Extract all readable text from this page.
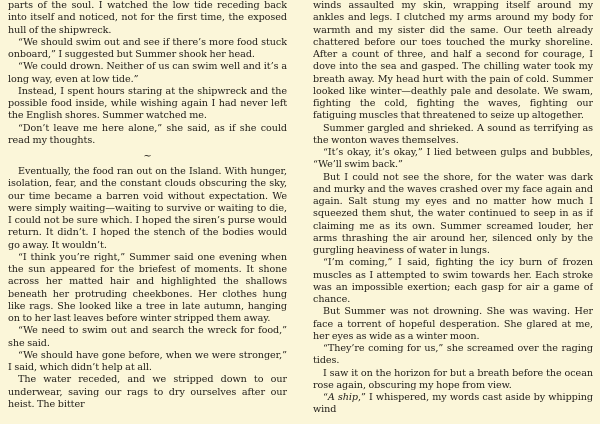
parts of the soul. I watched the low tide receding back into itself and noticed, not for the first time, the exposed hull of the shipwreck.

“We should swim out and see if there’s more food stuck onboard,” I suggested but Summer shook her head.

“We could drown. Neither of us can swim well and it’s a long way, even at low tide.”

Instead, I spent hours staring at the shipwreck and the possible food inside, while wishing again I had never left the English shores. Summer watched me.

“Don’t leave me here alone,” she said, as if she could read my thoughts.

~

Eventually, the food ran out on the Island. With hunger, isolation, fear, and the constant clouds obscuring the sky, our time became a barren void without expectation. We were simply waiting—waiting to survive or waiting to die, I could not be sure which. I hoped the siren’s purse would return. It didn’t. I hoped the stench of the bodies would go away. It wouldn’t.

“I think you’re right,” Summer said one evening when the sun appeared for the briefest of moments. It shone across her matted hair and highlighted the shallows beneath her protruding cheekbones. Her clothes hung like rags. She looked like a tree in late autumn, hanging on to her last leaves before winter stripped them away.

“We need to swim out and search the wreck for food,” she said.

“We should have gone before, when we were stronger,” I said, which didn’t help at all.

The water receded, and we stripped down to our underwear, saving our rags to dry ourselves after our heist. The bitter

winds assaulted my skin, wrapping itself around my ankles and legs. I clutched my arms around my body for warmth and my sister did the same. Our teeth already chattered before our toes touched the murky shoreline. After a count of three, and half a second for courage, I dove into the sea and gasped. The chilling water took my breath away. My head hurt with the pain of cold. Summer looked like winter—deathly pale and desolate. We swam, fighting the cold, fighting the waves, fighting our fatiguing muscles that threatened to seize up altogether.

Summer gargled and shrieked. A sound as terrifying as the wonton waves themselves.

“It’s okay, it’s okay,” I lied between gulps and bubbles, “We’ll swim back.”

But I could not see the shore, for the water was dark and murky and the waves crashed over my face again and again. Salt stung my eyes and no matter how much I squeezed them shut, the water continued to seep in as if claiming me as its own. Summer screamed louder, her arms thrashing the air around her, silenced only by the gurgling heaviness of water in lungs.

“I’m coming,” I said, fighting the icy burn of frozen muscles as I attempted to swim towards her. Each stroke was an impossible exertion; each gasp for air a game of chance.

But Summer was not drowning. She was waving. Her face a torrent of hopeful desperation. She glared at me, her eyes as wide as a winter moon.

“They’re coming for us,” she screamed over the raging tides.

I saw it on the horizon for but a breath before the ocean rose again, obscuring my hope from view.

“A ship,” I whispered, my words cast aside by whipping wind
